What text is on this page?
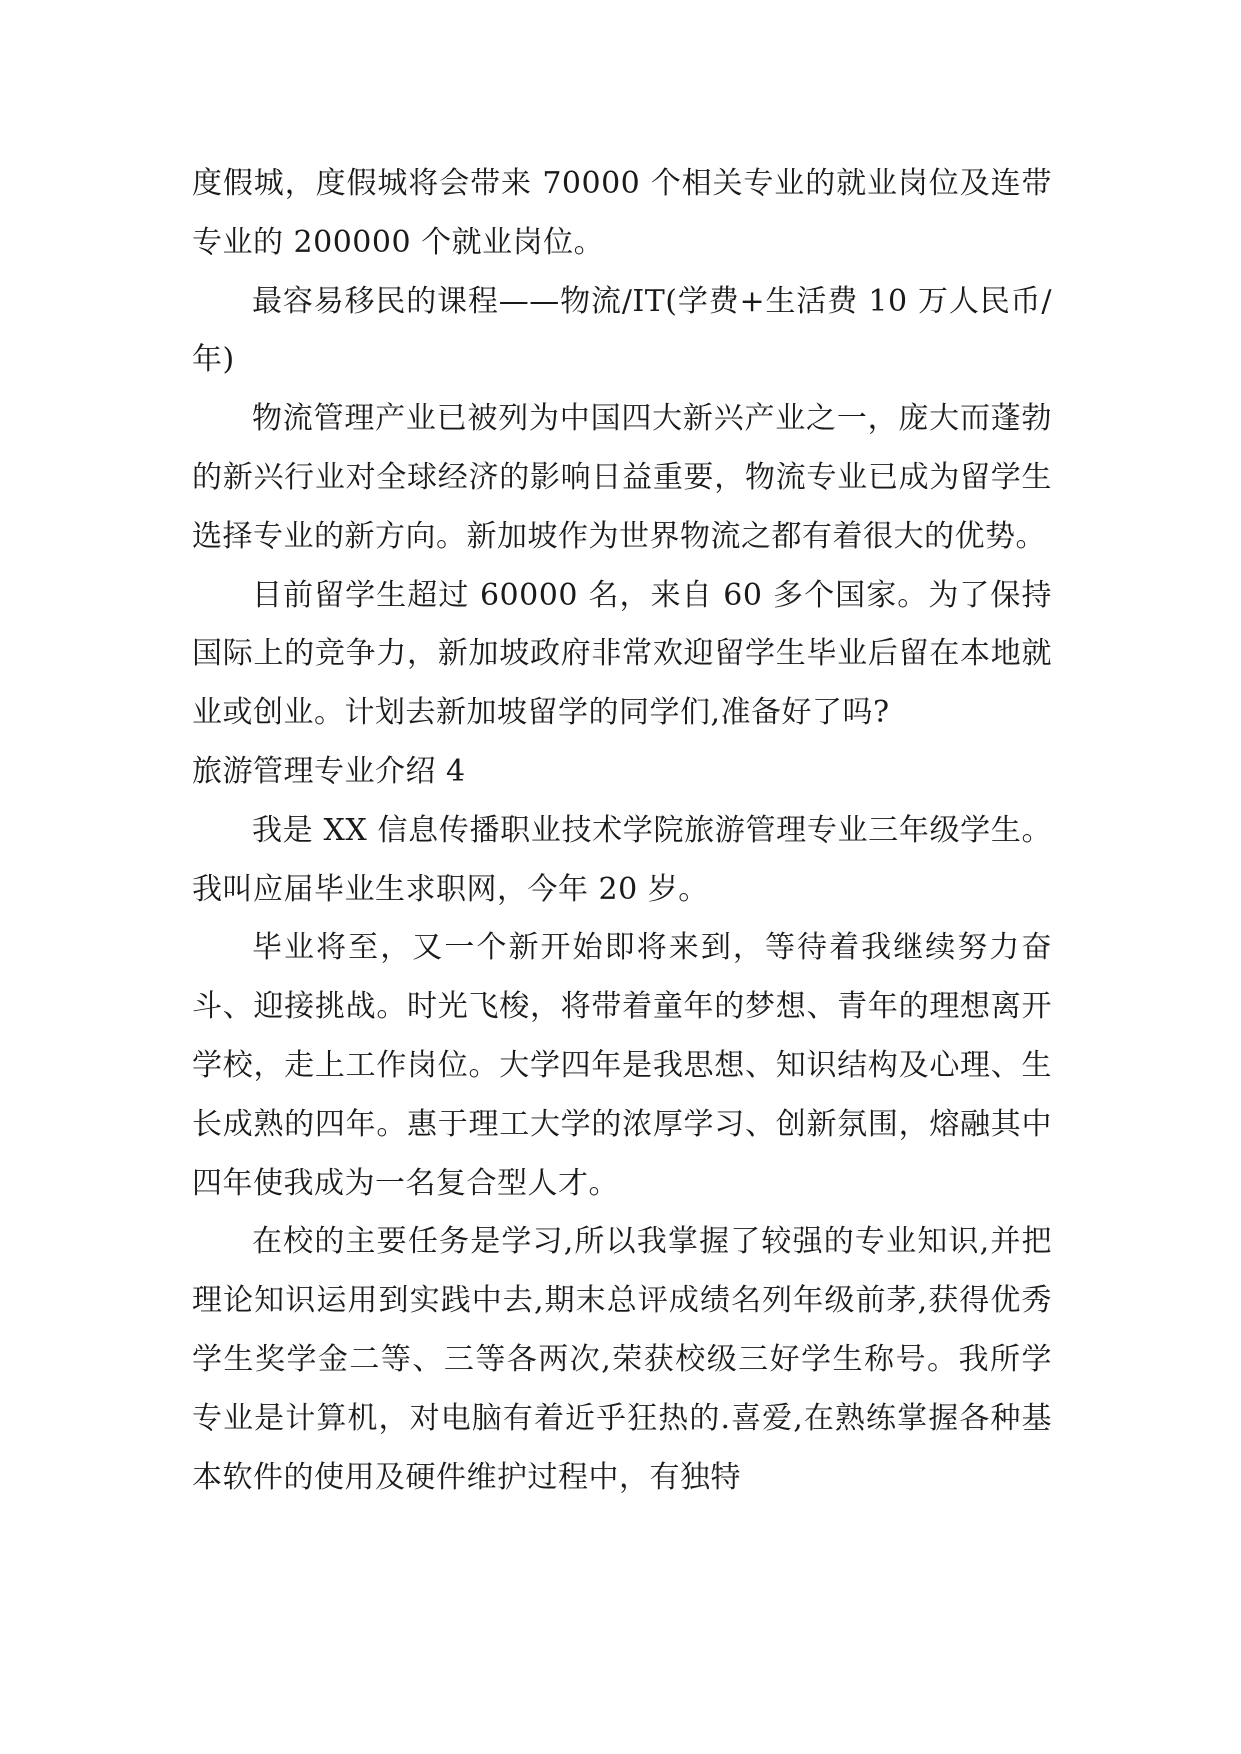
度假城，度假城将会带来 70000 个相关专业的就业岗位及连带专业的 200000 个就业岗位。

最容易移民的课程——物流/IT(学费+生活费 10 万人民币/年)

物流管理产业已被列为中国四大新兴产业之一，庞大而蓬勃的新兴行业对全球经济的影响日益重要，物流专业已成为留学生选择专业的新方向。新加坡作为世界物流之都有着很大的优势。

目前留学生超过 60000 名，来自 60 多个国家。为了保持国际上的竞争力，新加坡政府非常欢迎留学生毕业后留在本地就业或创业。计划去新加坡留学的同学们,准备好了吗?

旅游管理专业介绍 4

我是 XX 信息传播职业技术学院旅游管理专业三年级学生。我叫应届毕业生求职网，今年 20 岁。

毕业将至，又一个新开始即将来到，等待着我继续努力奋斗、迎接挑战。时光飞梭，将带着童年的梦想、青年的理想离开学校，走上工作岗位。大学四年是我思想、知识结构及心理、生长成熟的四年。惠于理工大学的浓厚学习、创新氛围，熔融其中四年使我成为一名复合型人才。

在校的主要任务是学习,所以我掌握了较强的专业知识,并把理论知识运用到实践中去,期末总评成绩名列年级前茅,获得优秀学生奖学金二等、三等各两次,荣获校级三好学生称号。我所学专业是计算机，对电脑有着近乎狂热的.喜爱,在熟练掌握各种基本软件的使用及硬件维护过程中，有独特
